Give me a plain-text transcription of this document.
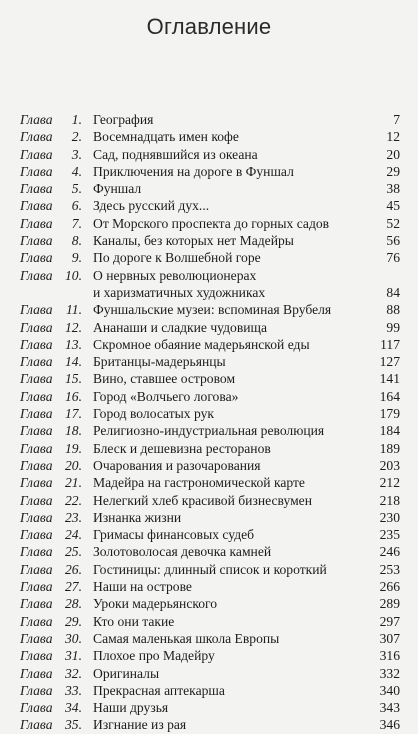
Оглавление
Глава 1. География	7
Глава 2. Восемнадцать имен кофе	12
Глава 3. Сад, поднявшийся из океана	20
Глава 4. Приключения на дороге в Фуншал	29
Глава 5. Фуншал	38
Глава 6. Здесь русский дух...	45
Глава 7. От Морского проспекта до горных садов	52
Глава 8. Каналы, без которых нет Мадейры	56
Глава 9. По дороге к Волшебной горе	76
Глава 10. О нервных революционерах
и харизматичных художниках	84
Глава 11. Фуншальские музеи: вспоминая Врубеля	88
Глава 12. Ананаши и сладкие чудовища	99
Глава 13. Скромное обаяние мадерьянской еды	117
Глава 14. Британцы-мадерьянцы	127
Глава 15. Вино, ставшее островом	141
Глава 16. Город «Волчьего логова»	164
Глава 17. Город волосатых рук	179
Глава 18. Религиозно-индустриальная революция	184
Глава 19. Блеск и дешевизна ресторанов	189
Глава 20. Очарования и разочарования	203
Глава 21. Мадейра на гастрономической карте	212
Глава 22. Нелегкий хлеб красивой бизнесвумен	218
Глава 23. Изнанка жизни	230
Глава 24. Гримасы финансовых судеб	235
Глава 25. Золотоволосая девочка камней	246
Глава 26. Гостиницы: длинный список и короткий	253
Глава 27. Наши на острове	266
Глава 28. Уроки мадерьянского	289
Глава 29. Кто они такие	297
Глава 30. Самая маленькая школа Европы	307
Глава 31. Плохое про Мадейру	316
Глава 32. Оригиналы	332
Глава 33. Прекрасная аптекарша	340
Глава 34. Наши друзья	343
Глава 35. Изгнание из рая	346
